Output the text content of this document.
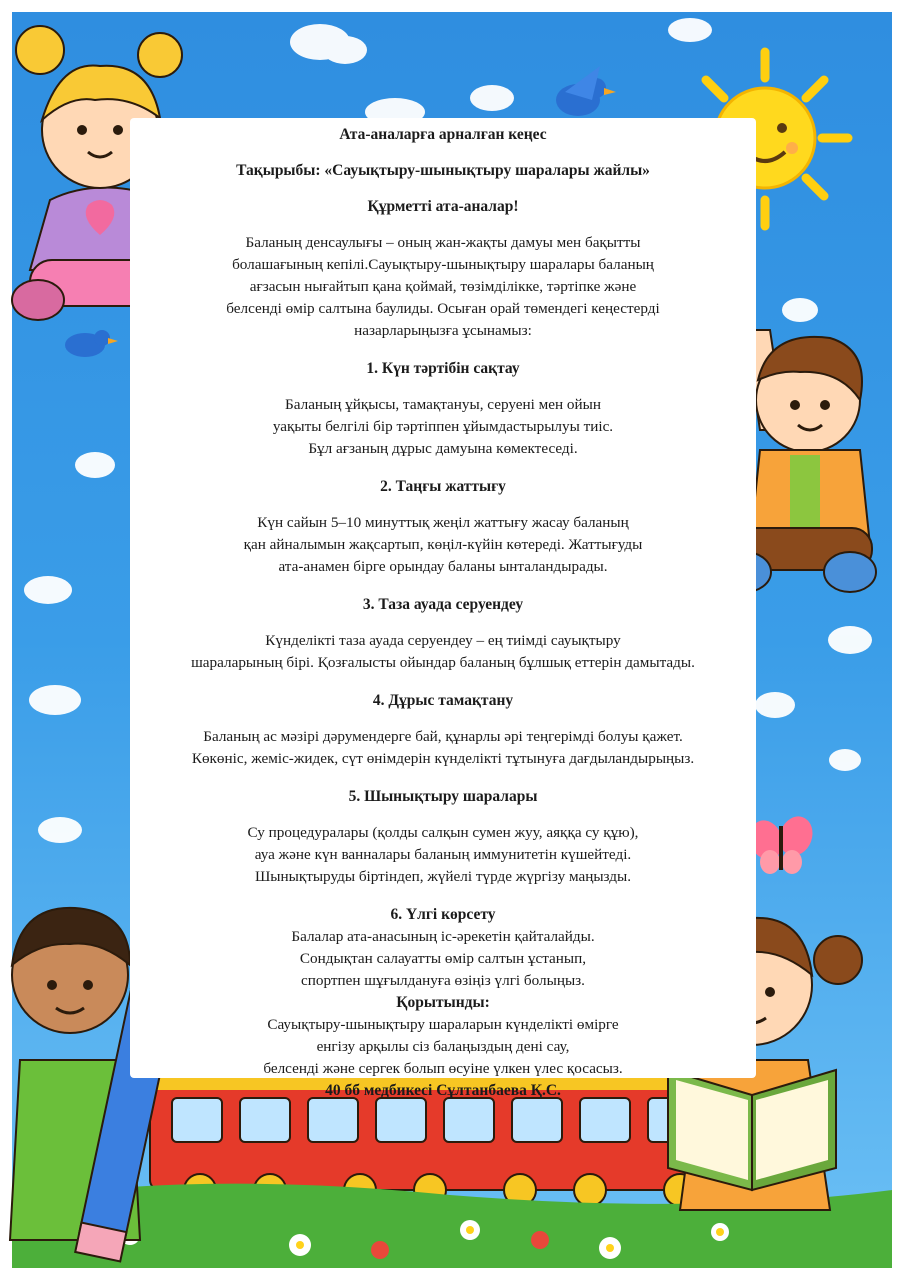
Ата-аналарға арналған кеңес

Тақырыбы: «Сауықтыру-шынықтыру шаралары жайлы»

Құрметті ата-аналар!

Баланың денсаулығы – оның жан-жақты дамуы мен бақытты
болашағының кепілі.Сауықтыру-шынықтыру шаралары баланың
ағзасын нығайтып қана қоймай, төзімділікке, тәртіпке және
белсенді өмір салтына баулиды. Осыған орай төмендегі кеңестерді
назарларыңызға ұсынамыз:

1. Күн тәртібін сақтау

Баланың ұйқысы, тамақтануы, серуені мен ойын
уақыты белгілі бір тәртіппен ұйымдастырылуы тиіс.
Бұл ағзаның дұрыс дамуына көмектеседі.

2. Таңғы жаттығу

Күн сайын 5–10 минуттық жеңіл жаттығу жасау баланың
қан айналымын жақсартып, көңіл-күйін көтереді. Жаттығуды
ата-анамен бірге орындау баланы ынталандырады.

3. Таза ауада серуендеу

Күнделікті таза ауада серуендеу – ең тиімді сауықтыру
шараларының бірі. Қозғалысты ойындар баланың бұлшық еттерін дамытады.

4. Дұрыс тамақтану

Баланың ас мәзірі дәрумендерге бай, құнарлы әрі теңгерімді болуы қажет.
Көкөніс, жеміс-жидек, сүт өнімдерін күнделікті тұтынуға дағдыландырыңыз.

5. Шынықтыру шаралары

Су процедуралары (қолды салқын сумен жуу, аяққа су құю),
ауа және күн ванналары баланың иммунитетін күшейтеді.
Шынықтыруды біртіндеп, жүйелі түрде жүргізу маңызды.

6. Үлгі көрсету

Балалар ата-анасының іс-әрекетін қайталайды.
Сондықтан салауатты өмір салтын ұстанып,
спортпен шұғылдануға өзіңіз үлгі болыңыз.

Қорытынды:

Сауықтыру-шынықтыру шараларын күнделікті өмірге
енгізу арқылы сіз балаңыздың дені сау,
белсенді және сергек болып өсуіне үлкен үлес қосасыз.

40 бб медбикесі Сұлтанбаева Қ.С.
